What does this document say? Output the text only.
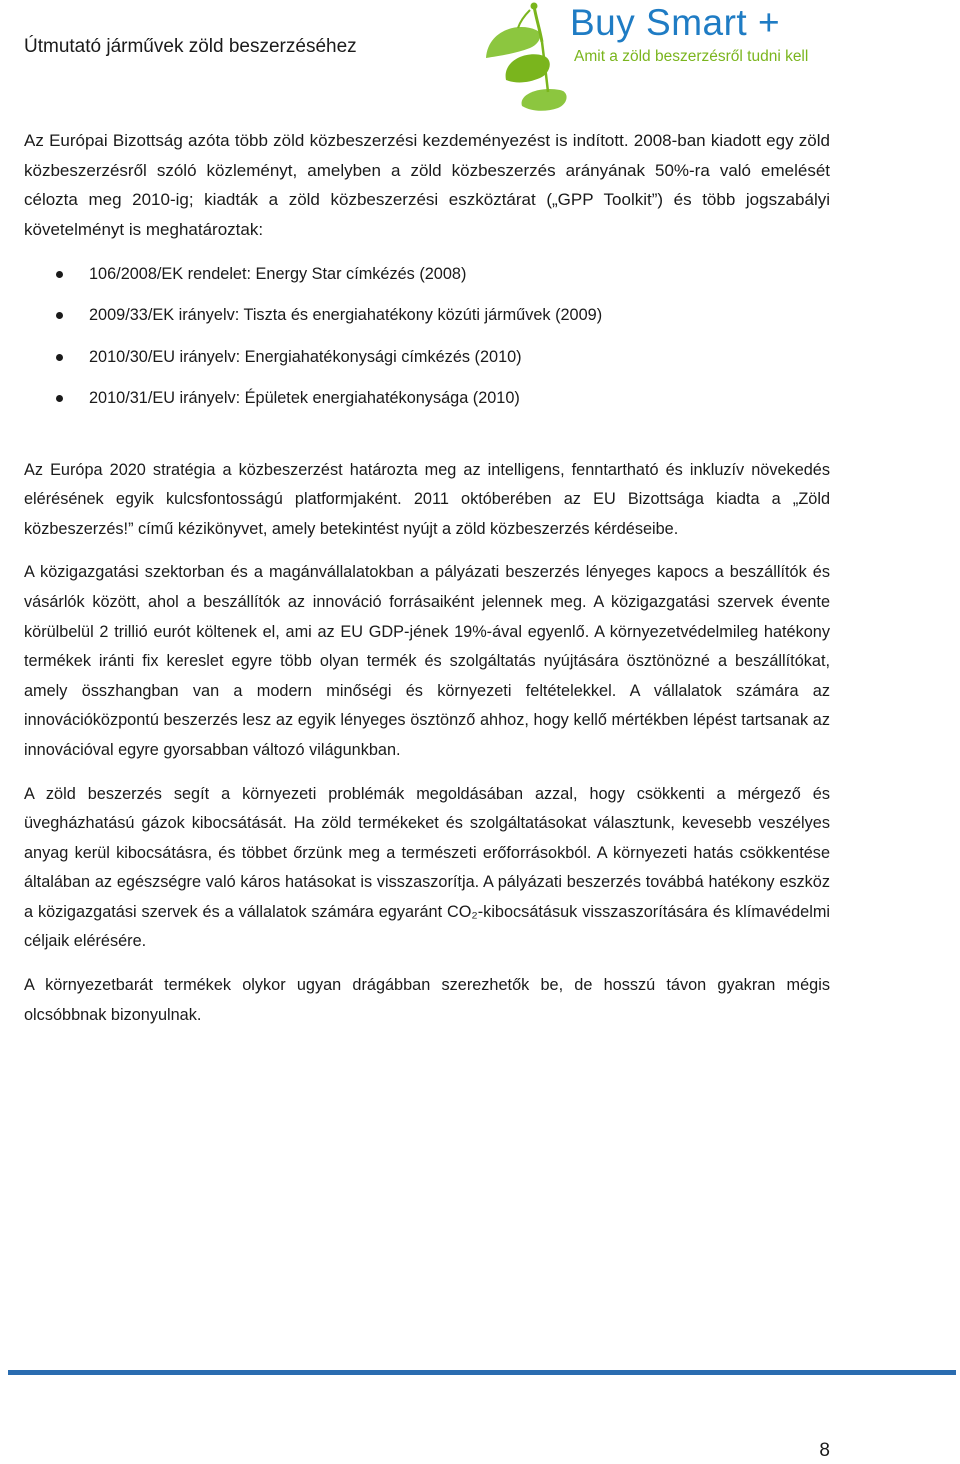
Útmutató járművek zöld beszerzéséhez
Buy Smart +
Amit a zöld beszerzésről tudni kell

Az Európai Bizottság azóta több zöld közbeszerzési kezdeményezést is indított. 2008-ban kiadott egy zöld közbeszerzésről szóló közleményt, amelyben a zöld közbeszerzés arányának 50%-ra való emelését célozta meg 2010-ig; kiadták a zöld közbeszerzési eszköztárat („GPP Toolkit”) és több jogszabályi követelményt is meghatároztak:

106/2008/EK rendelet: Energy Star címkézés (2008)
2009/33/EK irányelv: Tiszta és energiahatékony közúti járművek (2009)
2010/30/EU irányelv: Energiahatékonysági címkézés (2010)
2010/31/EU irányelv: Épületek energiahatékonysága (2010)

Az Európa 2020 stratégia a közbeszerzést határozta meg az intelligens, fenntartható és inkluzív növekedés elérésének egyik kulcsfontosságú platformjaként. 2011 októberében az EU Bizottsága kiadta a „Zöld közbeszerzés!” című kézikönyvet, amely betekintést nyújt a zöld közbeszerzés kérdéseibe.

A közigazgatási szektorban és a magánvállalatokban a pályázati beszerzés lényeges kapocs a beszállítók és vásárlók között, ahol a beszállítók az innováció forrásaiként jelennek meg. A közigazgatási szervek évente körülbelül 2 trillió eurót költenek el, ami az EU GDP-jének 19%-ával egyenlő. A környezetvédelmileg hatékony termékek iránti fix kereslet egyre több olyan termék és szolgáltatás nyújtására ösztönözné a beszállítókat, amely összhangban van a modern minőségi és környezeti feltételekkel. A vállalatok számára az innovációközpontú beszerzés lesz az egyik lényeges ösztönző ahhoz, hogy kellő mértékben lépést tartsanak az innovációval egyre gyorsabban változó világunkban.

A zöld beszerzés segít a környezeti problémák megoldásában azzal, hogy csökkenti a mérgező és üvegházhatású gázok kibocsátását. Ha zöld termékeket és szolgáltatásokat választunk, kevesebb veszélyes anyag kerül kibocsátásra, és többet őrzünk meg a természeti erőforrásokból. A környezeti hatás csökkentése általában az egészségre való káros hatásokat is visszaszorítja. A pályázati beszerzés továbbá hatékony eszköz a közigazgatási szervek és a vállalatok számára egyaránt CO₂-kibocsátásuk visszaszorítására és klímavédelmi céljaik elérésére.

A környezetbarát termékek olykor ugyan drágábban szerezhetők be, de hosszú távon gyakran mégis olcsóbbnak bizonyulnak.

8
